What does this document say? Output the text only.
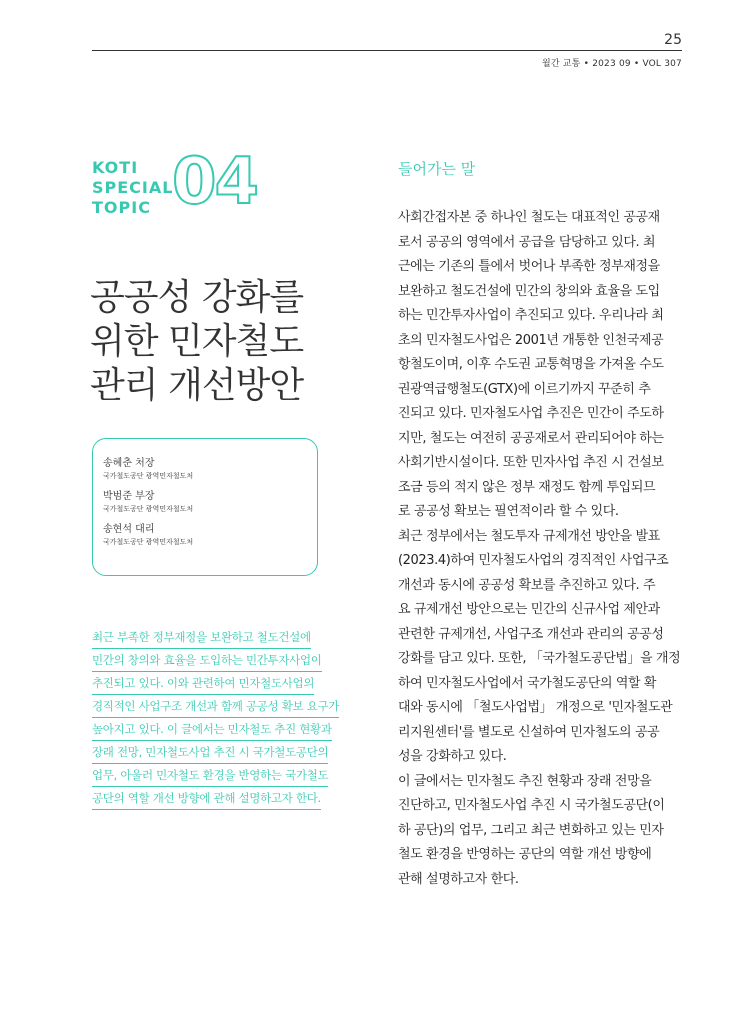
25
월간 교통 • 2023 09 • VOL 307
KOTI
SPECIAL
TOPIC 04
공공성 강화를
위한 민자철도
관리 개선방안
송혜춘 처장
국가철도공단 광역민자철도처
박범준 부장
국가철도공단 광역민자철도처
송현석 대리
국가철도공단 광역민자철도처
최근 부족한 정부재정을 보완하고 철도건설에
민간의 창의와 효율을 도입하는 민간투자사업이
추진되고 있다. 이와 관련하여 민자철도사업의
경직적인 사업구조 개선과 함께 공공성 확보 요구가
높아지고 있다. 이 글에서는 민자철도 추진 현황과
장래 전망, 민자철도사업 추진 시 국가철도공단의
업무, 아울러 민자철도 환경을 반영하는 국가철도
공단의 역할 개선 방향에 관해 설명하고자 한다.
들어가는 말
사회간접자본 중 하나인 철도는 대표적인 공공재
로서 공공의 영역에서 공급을 담당하고 있다. 최
근에는 기존의 틀에서 벗어나 부족한 정부재정을
보완하고 철도건설에 민간의 창의와 효율을 도입
하는 민간투자사업이 추진되고 있다. 우리나라 최
초의 민자철도사업은 2001년 개통한 인천국제공
항철도이며, 이후 수도권 교통혁명을 가져올 수도
권광역급행철도(GTX)에 이르기까지 꾸준히 추
진되고 있다. 민자철도사업 추진은 민간이 주도하
지만, 철도는 여전히 공공재로서 관리되어야 하는
사회기반시설이다. 또한 민자사업 추진 시 건설보
조금 등의 적지 않은 정부 재정도 함께 투입되므
로 공공성 확보는 필연적이라 할 수 있다.
최근 정부에서는 철도투자 규제개선 방안을 발표
(2023.4)하여 민자철도사업의 경직적인 사업구조
개선과 동시에 공공성 확보를 추진하고 있다. 주
요 규제개선 방안으로는 민간의 신규사업 제안과
관련한 규제개선, 사업구조 개선과 관리의 공공성
강화를 담고 있다. 또한, 「국가철도공단법」을 개정
하여 민자철도사업에서 국가철도공단의 역할 확
대와 동시에 「철도사업법」 개정으로 '민자철도관
리지원센터'를 별도로 신설하여 민자철도의 공공
성을 강화하고 있다.
이 글에서는 민자철도 추진 현황과 장래 전망을
진단하고, 민자철도사업 추진 시 국가철도공단(이
하 공단)의 업무, 그리고 최근 변화하고 있는 민자
철도 환경을 반영하는 공단의 역할 개선 방향에
관해 설명하고자 한다.
